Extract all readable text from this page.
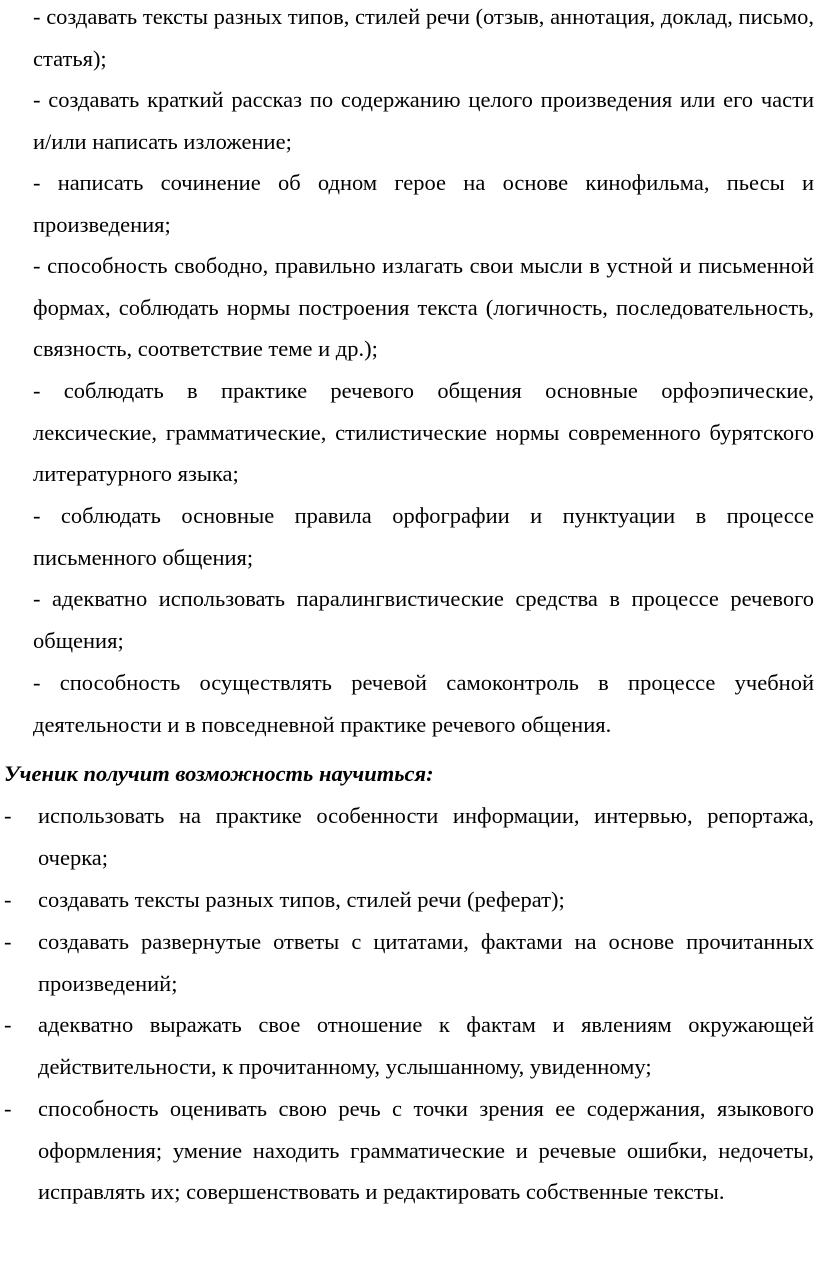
- создавать тексты разных типов, стилей речи (отзыв, аннотация, доклад, письмо, статья);

- создавать краткий рассказ по содержанию целого произведения или его части и/или написать изложение;

- написать сочинение об одном герое на основе кинофильма, пьесы и произведения;

- способность свободно, правильно излагать свои мысли в устной и письменной формах, соблюдать нормы построения текста (логичность, последовательность, связность, соответствие теме и др.);

- соблюдать в практике речевого общения основные орфоэпические, лексические, грамматические, стилистические нормы современного бурятского литературного языка;

- соблюдать основные правила орфографии и пунктуации в процессе письменного общения;

- адекватно использовать паралингвистические средства в процессе речевого общения;

- способность осуществлять речевой самоконтроль в процессе учебной деятельности и в повседневной практике речевого общения.

Ученик получит возможность научиться:

- использовать на практике особенности информации, интервью, репортажа, очерка;
- создавать тексты разных типов, стилей речи (реферат);
- создавать развернутые ответы с цитатами, фактами на основе прочитанных произведений;
- адекватно выражать свое отношение к фактам и явлениям окружающей действительности, к прочитанному, услышанному, увиденному;
- способность оценивать свою речь с точки зрения ее содержания, языкового оформления; умение находить грамматические и речевые ошибки, недочеты, исправлять их; совершенствовать и редактировать собственные тексты.
